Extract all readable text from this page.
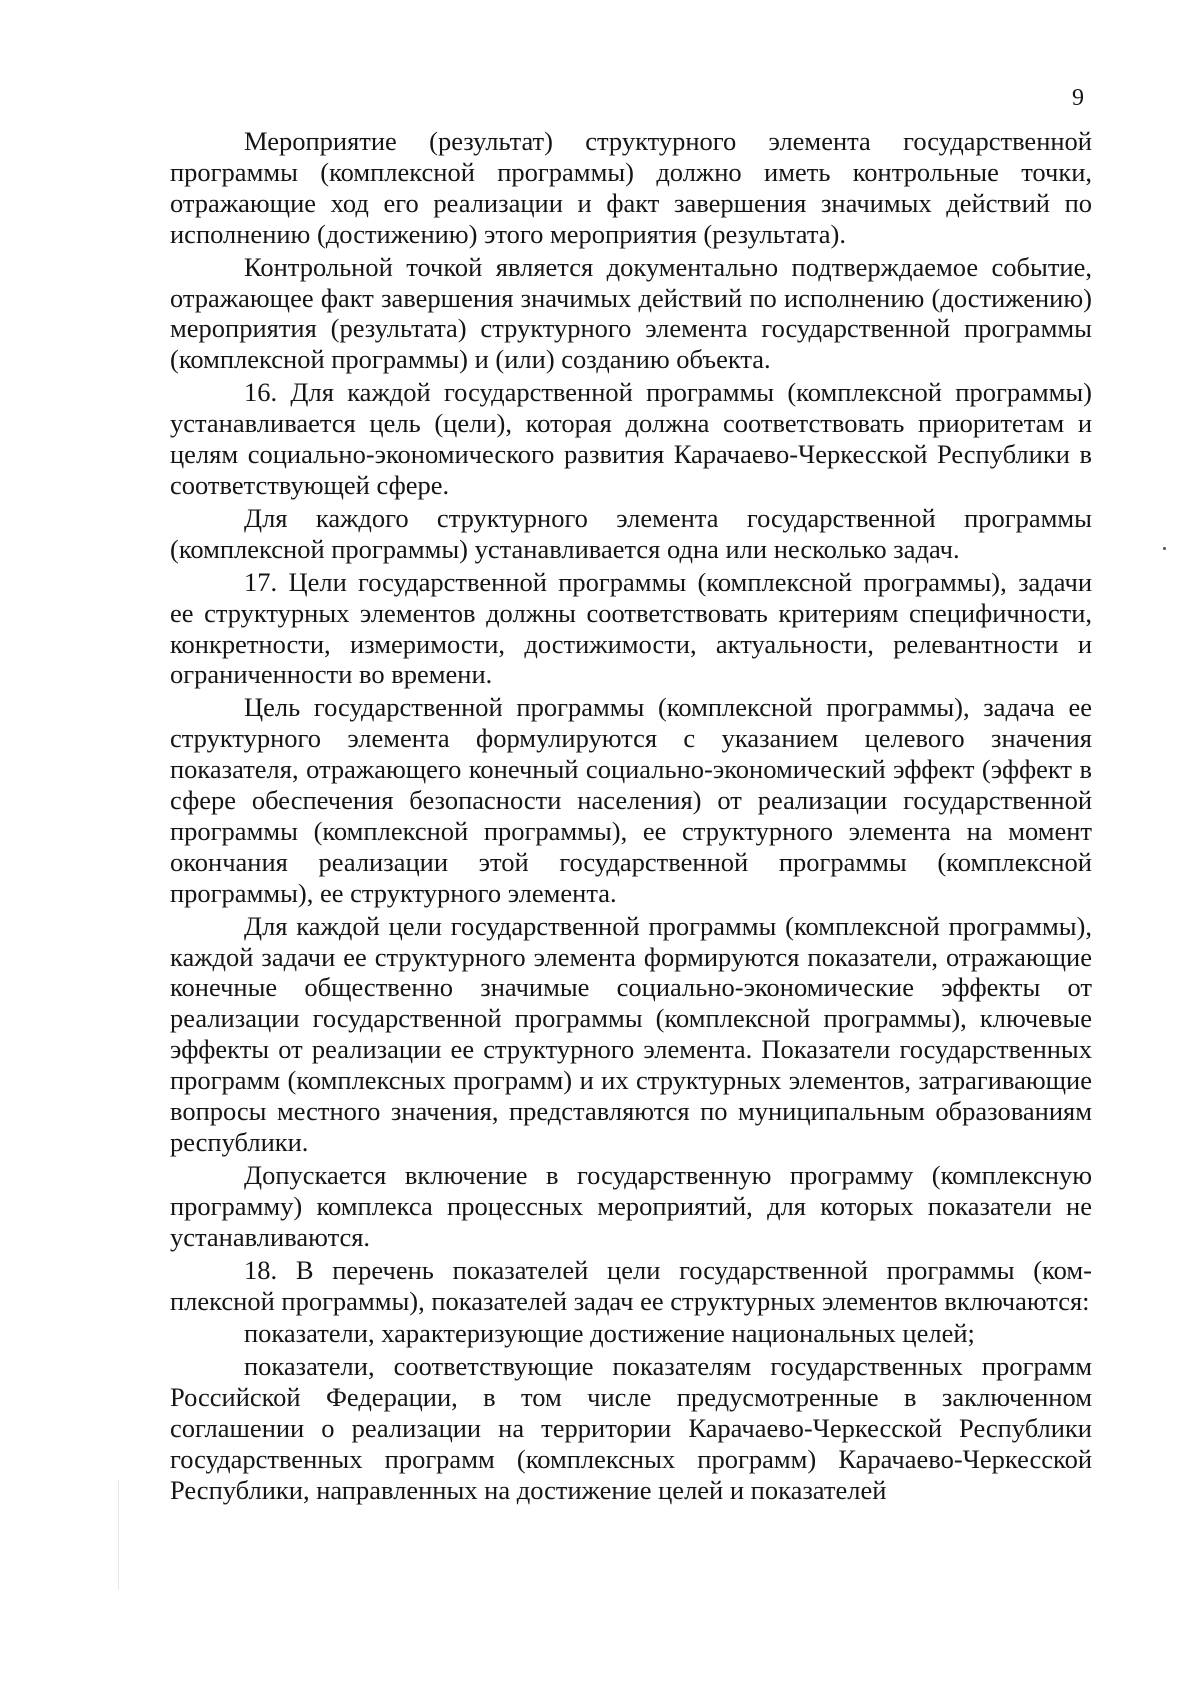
9

Мероприятие (результат) структурного элемента государственной программы (комплексной программы) должно иметь контрольные точки, отражающие ход его реализации и факт завершения значимых действий по исполнению (достижению) этого мероприятия (результата).

Контрольной точкой является документально подтверждаемое событие, отражающее факт завершения значимых действий по исполнению (достижению) мероприятия (результата) структурного элемента государственной программы (комплексной программы) и (или) созданию объекта.

16. Для каждой государственной программы (комплексной программы) устанавливается цель (цели), которая должна соответствовать приоритетам и целям социально-экономического развития Карачаево-Черкесской Республики в соответствующей сфере.

Для каждого структурного элемента государственной программы (комплексной программы) устанавливается одна или несколько задач.

17. Цели государственной программы (комплексной программы), задачи ее структурных элементов должны соответствовать критериям специфичности, конкретности, измеримости, достижимости, актуальности, релевантности и ограниченности во времени.

Цель государственной программы (комплексной программы), задача ее структурного элемента формулируются с указанием целевого значения показателя, отражающего конечный социально-экономический эффект (эффект в сфере обеспечения безопасности населения) от реализации государственной программы (комплексной программы), ее структурного элемента на момент окончания реализации этой государственной программы (комплексной программы), ее структурного элемента.

Для каждой цели государственной программы (комплексной программы), каждой задачи ее структурного элемента формируются показатели, отражающие конечные общественно значимые социально-экономические эффекты от реализации государственной программы (комплексной программы), ключевые эффекты от реализации ее структурного элемента. Показатели государственных программ (комплексных программ) и их структурных элементов, затрагивающие вопросы местного значения, представляются по муниципальным образованиям республики.

Допускается включение в государственную программу (комплексную программу) комплекса процессных мероприятий, для которых показатели не устанавливаются.

18. В перечень показателей цели государственной программы (комплексной программы), показателей задач ее структурных элементов включаются:

показатели, характеризующие достижение национальных целей;

показатели, соответствующие показателям государственных программ Российской Федерации, в том числе предусмотренные в заключенном соглашении о реализации на территории Карачаево-Черкесской Республики государственных программ (комплексных программ) Карачаево-Черкесской Республики, направленных на достижение целей и показателей
